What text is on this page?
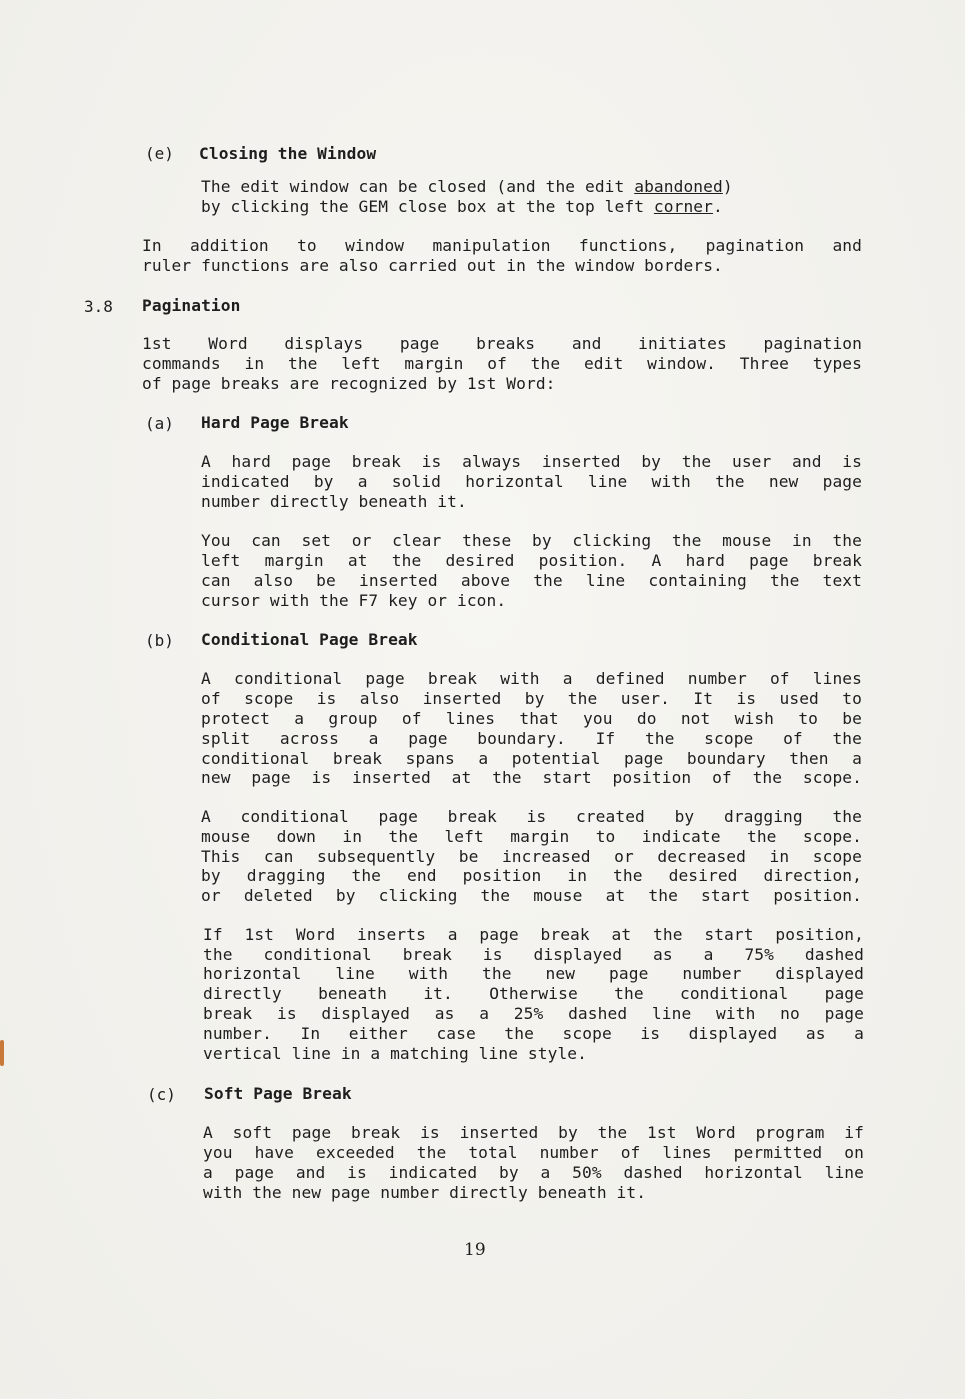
(e) Closing the Window
The edit window can be closed (and the edit abandoned)
by clicking the GEM close box at the top left corner.
In addition to window manipulation functions, pagination and
ruler functions are also carried out in the window borders.
3.8 Pagination
1st Word displays page breaks and initiates pagination
commands in the left margin of the edit window. Three types
of page breaks are recognized by 1st Word:
(a) Hard Page Break
A hard page break is always inserted by the user and is
indicated by a solid horizontal line with the new page
number directly beneath it.
You can set or clear these by clicking the mouse in the
left margin at the desired position. A hard page break
can also be inserted above the line containing the text
cursor with the F7 key or icon.
(b) Conditional Page Break
A conditional page break with a defined number of lines
of scope is also inserted by the user. It is used to
protect a group of lines that you do not wish to be
split across a page boundary. If the scope of the
conditional break spans a potential page boundary then a
new page is inserted at the start position of the scope.
A conditional page break is created by dragging the
mouse down in the left margin to indicate the scope.
This can subsequently be increased or decreased in scope
by dragging the end position in the desired direction,
or deleted by clicking the mouse at the start position.
If 1st Word inserts a page break at the start position,
the conditional break is displayed as a 75% dashed
horizontal line with the new page number displayed
directly beneath it. Otherwise the conditional page
break is displayed as a 25% dashed line with no page
number. In either case the scope is displayed as a
vertical line in a matching line style.
(c) Soft Page Break
A soft page break is inserted by the 1st Word program if
you have exceeded the total number of lines permitted on
a page and is indicated by a 50% dashed horizontal line
with the new page number directly beneath it.
19
